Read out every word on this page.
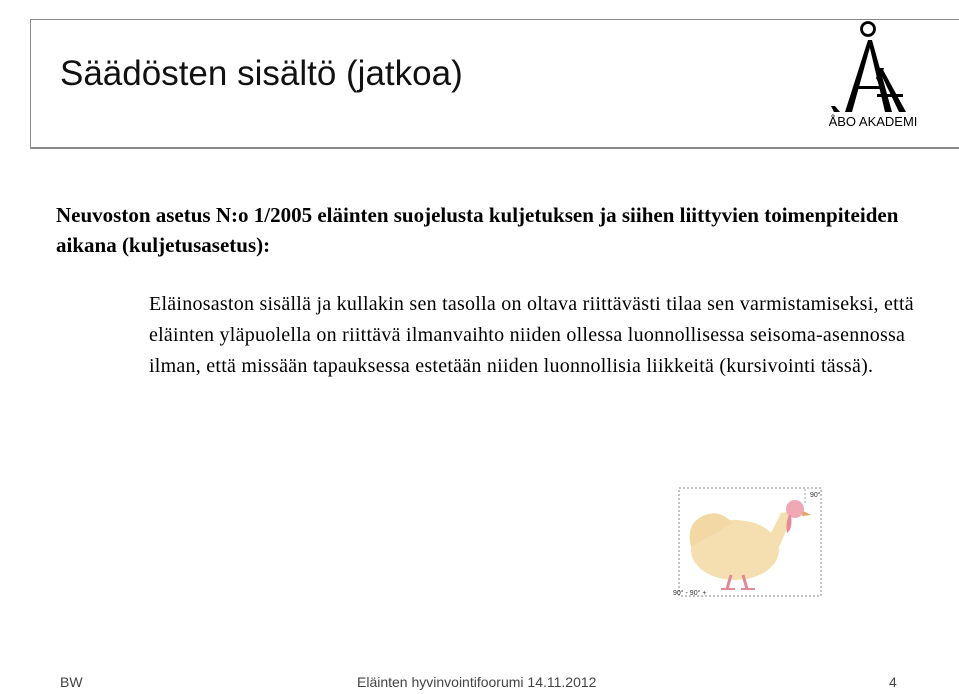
Säädösten sisältö (jatkoa)
ÅBO AKADEMI

Neuvoston asetus N:o 1/2005 eläinten suojelusta kuljetuksen ja siihen liittyvien toimenpiteiden aikana (kuljetusasetus):

Eläinosaston sisällä ja kullakin sen tasolla on oltava riittävästi tilaa sen varmistamiseksi, että eläinten yläpuolella on riittävä ilmanvaihto niiden ollessa luonnollisessa seisoma-asennossa ilman, että missään tapauksessa estetään niiden luonnollisia liikkeitä (kursivointi tässä).

90°
90° - 90° +
BW	Eläinten hyvinvointifoorumi 14.11.2012	4
